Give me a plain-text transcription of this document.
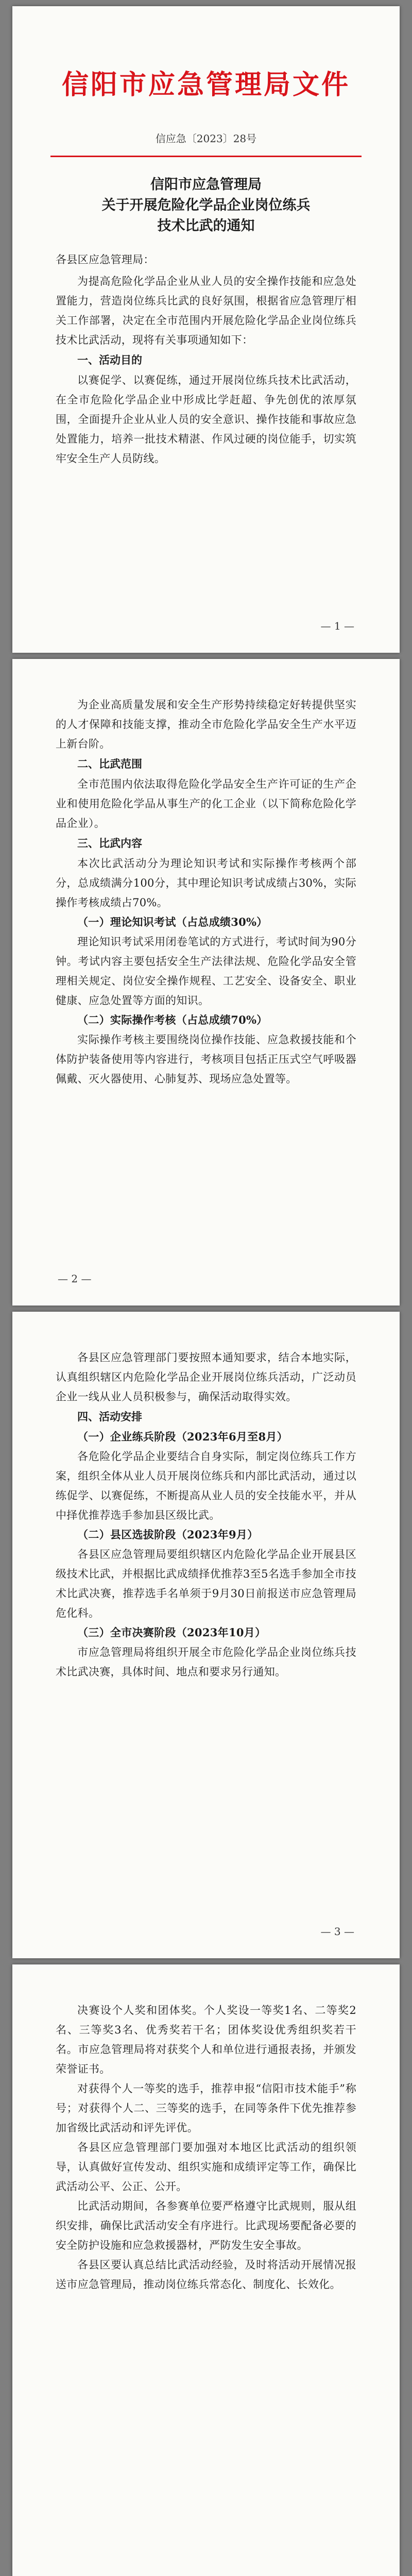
信阳市应急管理局文件
信应急〔2023〕28号
信阳市应急管理局
关于开展危险化学品企业岗位练兵
技术比武的通知

各县区应急管理局：

为提高危险化学品企业从业人员的安全操作技能和应急处置能力，营造岗位练兵比武的良好氛围，根据省应急管理厅相关工作部署，决定在全市范围内开展危险化学品企业岗位练兵技术比武活动，现将有关事项通知如下：

一、活动目的

以赛促学、以赛促练，通过开展岗位练兵技术比武活动，在全市危险化学品企业中形成比学赶超、争先创优的浓厚氛围，全面提升企业从业人员的安全意识、操作技能和事故应急处置能力，培养一批技术精湛、作风过硬的岗位能手，切实筑牢安全生产人员防线。

— 1 —

为企业高质量发展和安全生产形势持续稳定好转提供坚实的人才保障和技能支撑，推动全市危险化学品安全生产水平迈上新台阶。

二、比武范围

全市范围内依法取得危险化学品安全生产许可证的生产企业和使用危险化学品从事生产的化工企业（以下简称危险化学品企业）。

三、比武内容

本次比武活动分为理论知识考试和实际操作考核两个部分，总成绩满分100分，其中理论知识考试成绩占30%，实际操作考核成绩占70%。

（一）理论知识考试（占总成绩30%）

理论知识考试采用闭卷笔试的方式进行，考试时间为90分钟。考试内容主要包括安全生产法律法规、危险化学品安全管理相关规定、岗位安全操作规程、工艺安全、设备安全、职业健康、应急处置等方面的知识。

（二）实际操作考核（占总成绩70%）

实际操作考核主要围绕岗位操作技能、应急救援技能和个体防护装备使用等内容进行，考核项目包括正压式空气呼吸器佩戴、灭火器使用、心肺复苏、现场应急处置等。

— 2 —

各县区应急管理部门要按照本通知要求，结合本地实际，认真组织辖区内危险化学品企业开展岗位练兵活动，广泛动员企业一线从业人员积极参与，确保活动取得实效。

四、活动安排

（一）企业练兵阶段（2023年6月至8月）

各危险化学品企业要结合自身实际，制定岗位练兵工作方案，组织全体从业人员开展岗位练兵和内部比武活动，通过以练促学、以赛促练，不断提高从业人员的安全技能水平，并从中择优推荐选手参加县区级比武。

（二）县区选拔阶段（2023年9月）

各县区应急管理局要组织辖区内危险化学品企业开展县区级技术比武，并根据比武成绩择优推荐3至5名选手参加全市技术比武决赛，推荐选手名单须于9月30日前报送市应急管理局危化科。

（三）全市决赛阶段（2023年10月）

市应急管理局将组织开展全市危险化学品企业岗位练兵技术比武决赛，具体时间、地点和要求另行通知。

— 3 —

决赛设个人奖和团体奖。个人奖设一等奖1名、二等奖2名、三等奖3名、优秀奖若干名；团体奖设优秀组织奖若干名。市应急管理局将对获奖个人和单位进行通报表扬，并颁发荣誉证书。

对获得个人一等奖的选手，推荐申报“信阳市技术能手”称号；对获得个人二、三等奖的选手，在同等条件下优先推荐参加省级比武活动和评先评优。

各县区应急管理部门要加强对本地区比武活动的组织领导，认真做好宣传发动、组织实施和成绩评定等工作，确保比武活动公平、公正、公开。

比武活动期间，各参赛单位要严格遵守比武规则，服从组织安排，确保比武活动安全有序进行。比武现场要配备必要的安全防护设施和应急救援器材，严防发生安全事故。

各县区要认真总结比武活动经验，及时将活动开展情况报送市应急管理局，推动岗位练兵常态化、制度化、长效化。
